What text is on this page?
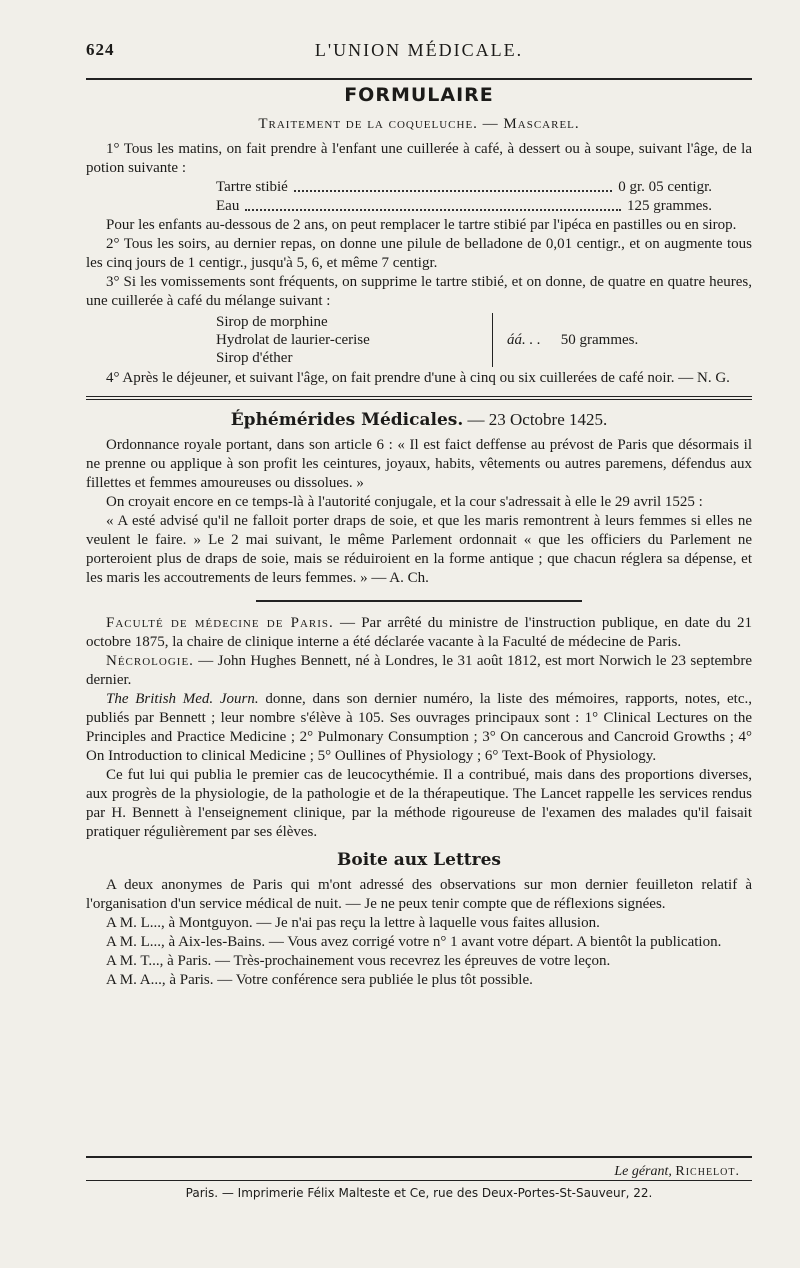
624	L'UNION MÉDICALE.
FORMULAIRE
Traitement de la coqueluche. — Mascarel.

1° Tous les matins, on fait prendre à l'enfant une cuillerée à café, à dessert ou à soupe, suivant l'âge, de la potion suivante :

Tartre stibié	0 gr. 05 centigr.
Eau	125 grammes.

Pour les enfants au-dessous de 2 ans, on peut remplacer le tartre stibié par l'ipéca en pastilles ou en sirop.

2° Tous les soirs, au dernier repas, on donne une pilule de belladone de 0,01 centigr., et on augmente tous les cinq jours de 1 centigr., jusqu'à 5, 6, et même 7 centigr.

3° Si les vomissements sont fréquents, on supprime le tartre stibié, et on donne, de quatre en quatre heures, une cuillerée à café du mélange suivant :

Sirop de morphine
Hydrolat de laurier-cerise
Sirop d'éther
áá. . . 50 grammes.

4° Après le déjeuner, et suivant l'âge, on fait prendre d'une à cinq ou six cuillerées de café noir. — N. G.

Éphémérides Médicales. — 23 Octobre 1425.

Ordonnance royale portant, dans son article 6 : « Il est faict deffense au prévost de Paris que désormais il ne prenne ou applique à son profit les ceintures, joyaux, habits, vêtements ou autres paremens, défendus aux fillettes et femmes amoureuses ou dissolues. »

On croyait encore en ce temps-là à l'autorité conjugale, et la cour s'adressait à elle le 29 avril 1525 :

« A esté advisé qu'il ne falloit porter draps de soie, et que les maris remontrent à leurs femmes si elles ne veulent le faire. » Le 2 mai suivant, le même Parlement ordonnait « que les officiers du Parlement ne porteroient plus de draps de soie, mais se réduiroient en la forme antique ; que chacun réglera sa dépense, et les maris les accoutrements de leurs femmes. » — A. Ch.

Faculté de médecine de Paris. — Par arrêté du ministre de l'instruction publique, en date du 21 octobre 1875, la chaire de clinique interne a été déclarée vacante à la Faculté de médecine de Paris.

Nécrologie. — John Hughes Bennett, né à Londres, le 31 août 1812, est mort Norwich le 23 septembre dernier.

The British Med. Journ. donne, dans son dernier numéro, la liste des mémoires, rapports, notes, etc., publiés par Bennett ; leur nombre s'élève à 105. Ses ouvrages principaux sont : 1° Clinical Lectures on the Principles and Practice Medicine ; 2° Pulmonary Consumption ; 3° On cancerous and Cancroid Growths ; 4° On Introduction to clinical Medicine ; 5° Oullines of Physiology ; 6° Text-Book of Physiology.

Ce fut lui qui publia le premier cas de leucocythémie. Il a contribué, mais dans des proportions diverses, aux progrès de la physiologie, de la pathologie et de la thérapeutique. The Lancet rappelle les services rendus par H. Bennett à l'enseignement clinique, par la méthode rigoureuse de l'examen des malades qu'il faisait pratiquer régulièrement par ses élèves.

Boite aux Lettres

A deux anonymes de Paris qui m'ont adressé des observations sur mon dernier feuilleton relatif à l'organisation d'un service médical de nuit. — Je ne peux tenir compte que de réflexions signées.

A M. L..., à Montguyon. — Je n'ai pas reçu la lettre à laquelle vous faites allusion.

A M. L..., à Aix-les-Bains. — Vous avez corrigé votre n° 1 avant votre départ. A bientôt la publication.

A M. T..., à Paris. — Très-prochainement vous recevrez les épreuves de votre leçon.

A M. A..., à Paris. — Votre conférence sera publiée le plus tôt possible.

Le gérant, Richelot.
Paris. — Imprimerie Félix Malteste et Ce, rue des Deux-Portes-St-Sauveur, 22.
